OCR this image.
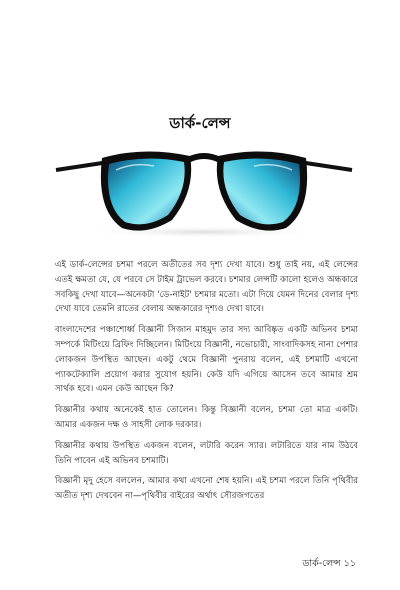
ডার্ক-লেন্স

এই ডার্ক-লেন্সের চশমা পরলে অতীতের সব দৃশ্য দেখা যাবে। শুধু তাই নয়, এই লেন্সের এতই ক্ষমতা যে, যে পরবে সে টাইম ট্রাভেল করবে। চশমার লেন্সটি কালো হলেও অন্ধকারে সবকিছু দেখা যাবে—অনেকটা 'ডে-নাইট' চশমার মতো। এটা দিয়ে যেমন দিনের বেলার দৃশ্য দেখা যাবে তেমনি রাতের বেলায় অন্ধকারের দৃশ্যও দেখা যাবে।

বাংলাদেশের পঞ্চাশোর্ধ্ব বিজ্ঞানী সিজান মাহমুদ তার সদ্য আবিষ্কৃত একটি অভিনব চশমা সম্পর্কে মিটিংয়ে ব্রিফিং দিচ্ছিলেন। মিটিংয়ে বিজ্ঞানী, নভোচারী, সাংবাদিকসহ নানা পেশার লোকজন উপস্থিত আছেন। একটু থেমে বিজ্ঞানী পুনরায় বলেন, এই চশমাটি এখনো প্যাকটেক্যালি প্রয়োগ করার সুযোগ হয়নি। কেউ যদি এগিয়ে আসেন তবে আমার শ্রম সার্থক হবে। এমন কেউ আছেন কি?

বিজ্ঞানীর কথায় অনেকেই হাত তোলেন। কিন্তু বিজ্ঞানী বলেন, চশমা তো মাত্র একটি। আমার একজন দক্ষ ও সাহসী লোক দরকার।

বিজ্ঞানীর কথায় উপস্থিত একজন বলেন, লটারি করেন স্যার। লটারিতে যার নাম উঠবে তিনি পাবেন এই অভিনব চশমাটি।

বিজ্ঞানী মৃদু হেসে বললেন, আমার কথা এখনো শেষ হয়নি। এই চশমা পরলে তিনি পৃথিবীর অতীত দৃশ্য দেখবেন না—পৃথিবীর বাইরের অর্থাৎ সৌরজগতের

ডার্ক-লেন্স ১১
